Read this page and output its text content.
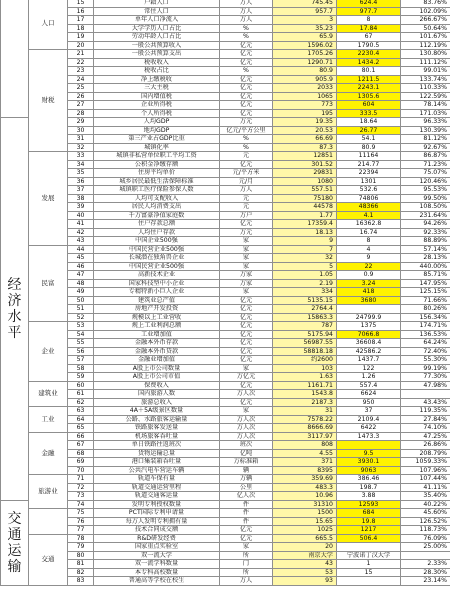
	人口	15	户籍人口	万人	745.45	624.4	83.76%
		16	常住人口	万人	957.7	977.7	102.09%
		17	单年人口净流入	万人	3	8	266.67%
		18	大学学历人口占比	%	35.23	17.84	50.64%
		19	劳动年龄人口占比	%	65.9	67	101.67%
		20	一般公共预算收入	亿元	1596.02	1790.5	112.19%
	财税	21	一般公共预算支出	亿元	1705.26	2230.4	130.80%
		22	税收收入	亿元	1290.71	1434.2	111.12%
		23	税收占比	%	80.9	80.1	99.01%
		24	净上缴税收	亿元	905.9	1211.5	133.74%
		25	三大主税	亿元	2033	2243.1	110.33%
		26	国内增值税	亿元	1065	1305.6	122.59%
		27	企业所得税	亿元	773	604	78.14%
		28	个人所得税	亿元	195	333.5	171.03%
经济水平		29	人均GDP	万元	19.35	18.64	96.33%
		30	地均GDP	亿元/平方公里	20.53	26.77	130.39%
		31	第三产业占GDP比重	%	66.69	54.1	81.12%
		32	城镇化率	%	87.3	80.9	92.67%
	发展	33	城镇非私营单位职工平均工资	元	12851	11164	86.87%
		34	公积金净缴存额	亿元	301.52	214.77	71.23%
		35	住房平均单价	元/平方米	29831	22394	75.07%
		36	城乡居民最低生活保障标准	元/月	1080	1301	120.46%
		37	城镇职工医疗保险参保人数	万人	557.51	532.6	95.53%
		38	人均可支配收入	元	75180	74806	99.50%
		39	居民人均消费支出	元	44578	48366	108.50%
		40	千万富豪净值家庭数	万户	1.77	4.1	231.64%
		41	住户存款总额	亿元	17359.4	16362.8	94.26%
		42	人均住户存款	万元	18.13	16.74	92.33%
		43	中国企业500强	家	9	8	88.89%
	民富	44	中国民营企业500强	家	7	4	57.14%
		45	长城潜在独角兽企业	家	32	9	28.13%
		46	中国民营企业500强	家	5	22	440.00%
		47	高新技术企业	万家	1.05	0.9	85.71%
		48	国家科技型中小企业	万家	2.19	3.24	147.95%
		49	专精特新小巨人企业	家	334	418	125.15%
		50	建筑业总产值	亿元	5135.15	3680	71.66%
		51	房地产开发投资	亿元	2764.4		80.26%
		52	规模以上工业营收	亿元	15863.3	24799.9	156.34%
	企业	53	规上工业利润总额	亿元	787	1375	174.71%
		54	工业增加值	亿元	5175.94	7066.8	136.53%
		55	金融本外币存款	亿元	56987.55	36608.4	64.24%
		56	金融本外币贷款	亿元	58818.18	42586.2	72.40%
		57	金融业增加值	亿元	约2600	1437.7	55.30%
		58	A股上市公司数量	家	103	122	99.19%
		59	A股上市公司市值	万亿元	1.63	1.26	77.30%
	建筑业	60	保费收入	亿元	1161.71	557.4	47.98%
		61	国内旅游人数	万人次	1543.8	6624	
		62	旅游总收入	亿元	2187.3	950	43.43%
	工业	63	4A＋5A级景区数量	家	31	37	119.35%
		64	公路、水路旅客运输量	万人次	7578.22	2109.4	27.84%
		65	铁路旅客发送量	万人次	8666.69	6422	74.10%
	金融	66	机场旅客吞吐量	万人次	3117.97	1473.3	47.25%
		67	单日铁路往返班次	班次	808		26.86%
		68	货物运输总量	亿吨	4.55	9.5	208.79%
		69	港口集装箱吞吐量	万标准箱	371	3930.1	1059.33%
		70	公共汽电车营运车辆	辆	8395	9063	107.96%
	旅游业	71	轨道车保有量	万辆	359.69	386.46	107.44%
		72	轨道交通运营里程	公里	483.3	198.7	41.11%
		73	轨道交通客运量	亿人次	10.96	3.88	35.40%
交通运输		74	发明专利授权数量	件	31310	12593	40.22%
		75	PCT国际专利申请量	件	1500	684	45.60%
		76	每万人发明专利拥有量	件	15.65	19.8	126.52%
		77	技术合同成交额	亿元	1025	1217	118.73%
	交通	78	R&D研发经费	亿元	665.5	506.4	76.09%
		79	国家重点实验室	家	20		25.00%
		80	双一流大学	所	南京大学	宁波诺丁汉大学	
		81	双一流学科数量	门	43	1	2.33%
		82	本专科高校数量	所	53	15	28.30%
		83	普通高等学校在校生	万人	93		23.14%
